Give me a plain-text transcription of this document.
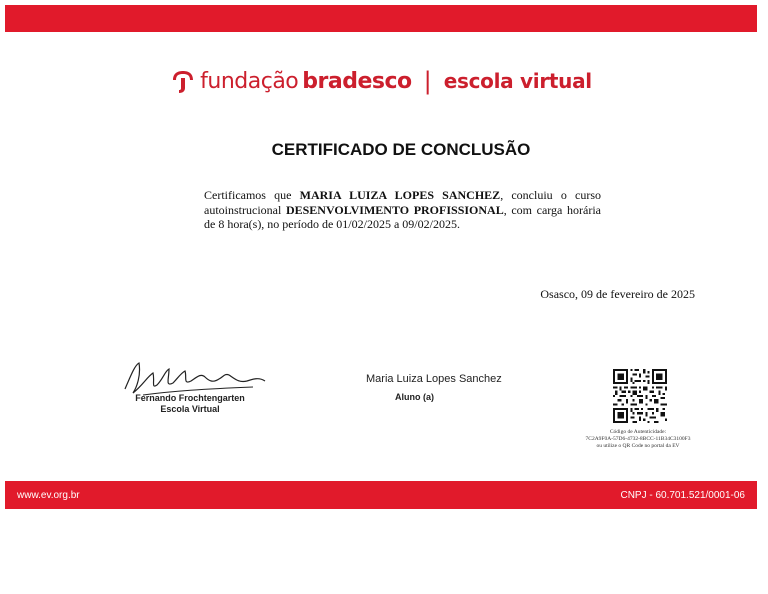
fundação bradesco | escola virtual
CERTIFICADO DE CONCLUSÃO
Certificamos que MARIA LUIZA LOPES SANCHEZ, concluiu o curso autoinstrucional DESENVOLVIMENTO PROFISSIONAL, com carga horária de 8 hora(s), no período de 01/02/2025 a 09/02/2025.
Osasco, 09 de fevereiro de 2025
Fernando Frochtengarten
Escola Virtual
Maria Luiza Lopes Sanchez
Aluno (a)
Código de Autenticidade:
7C2A9F0A-57D6-4732-8BCC-11B34C3100F3
ou utilize o QR Code no portal da EV
www.ev.org.br	CNPJ - 60.701.521/0001-06
